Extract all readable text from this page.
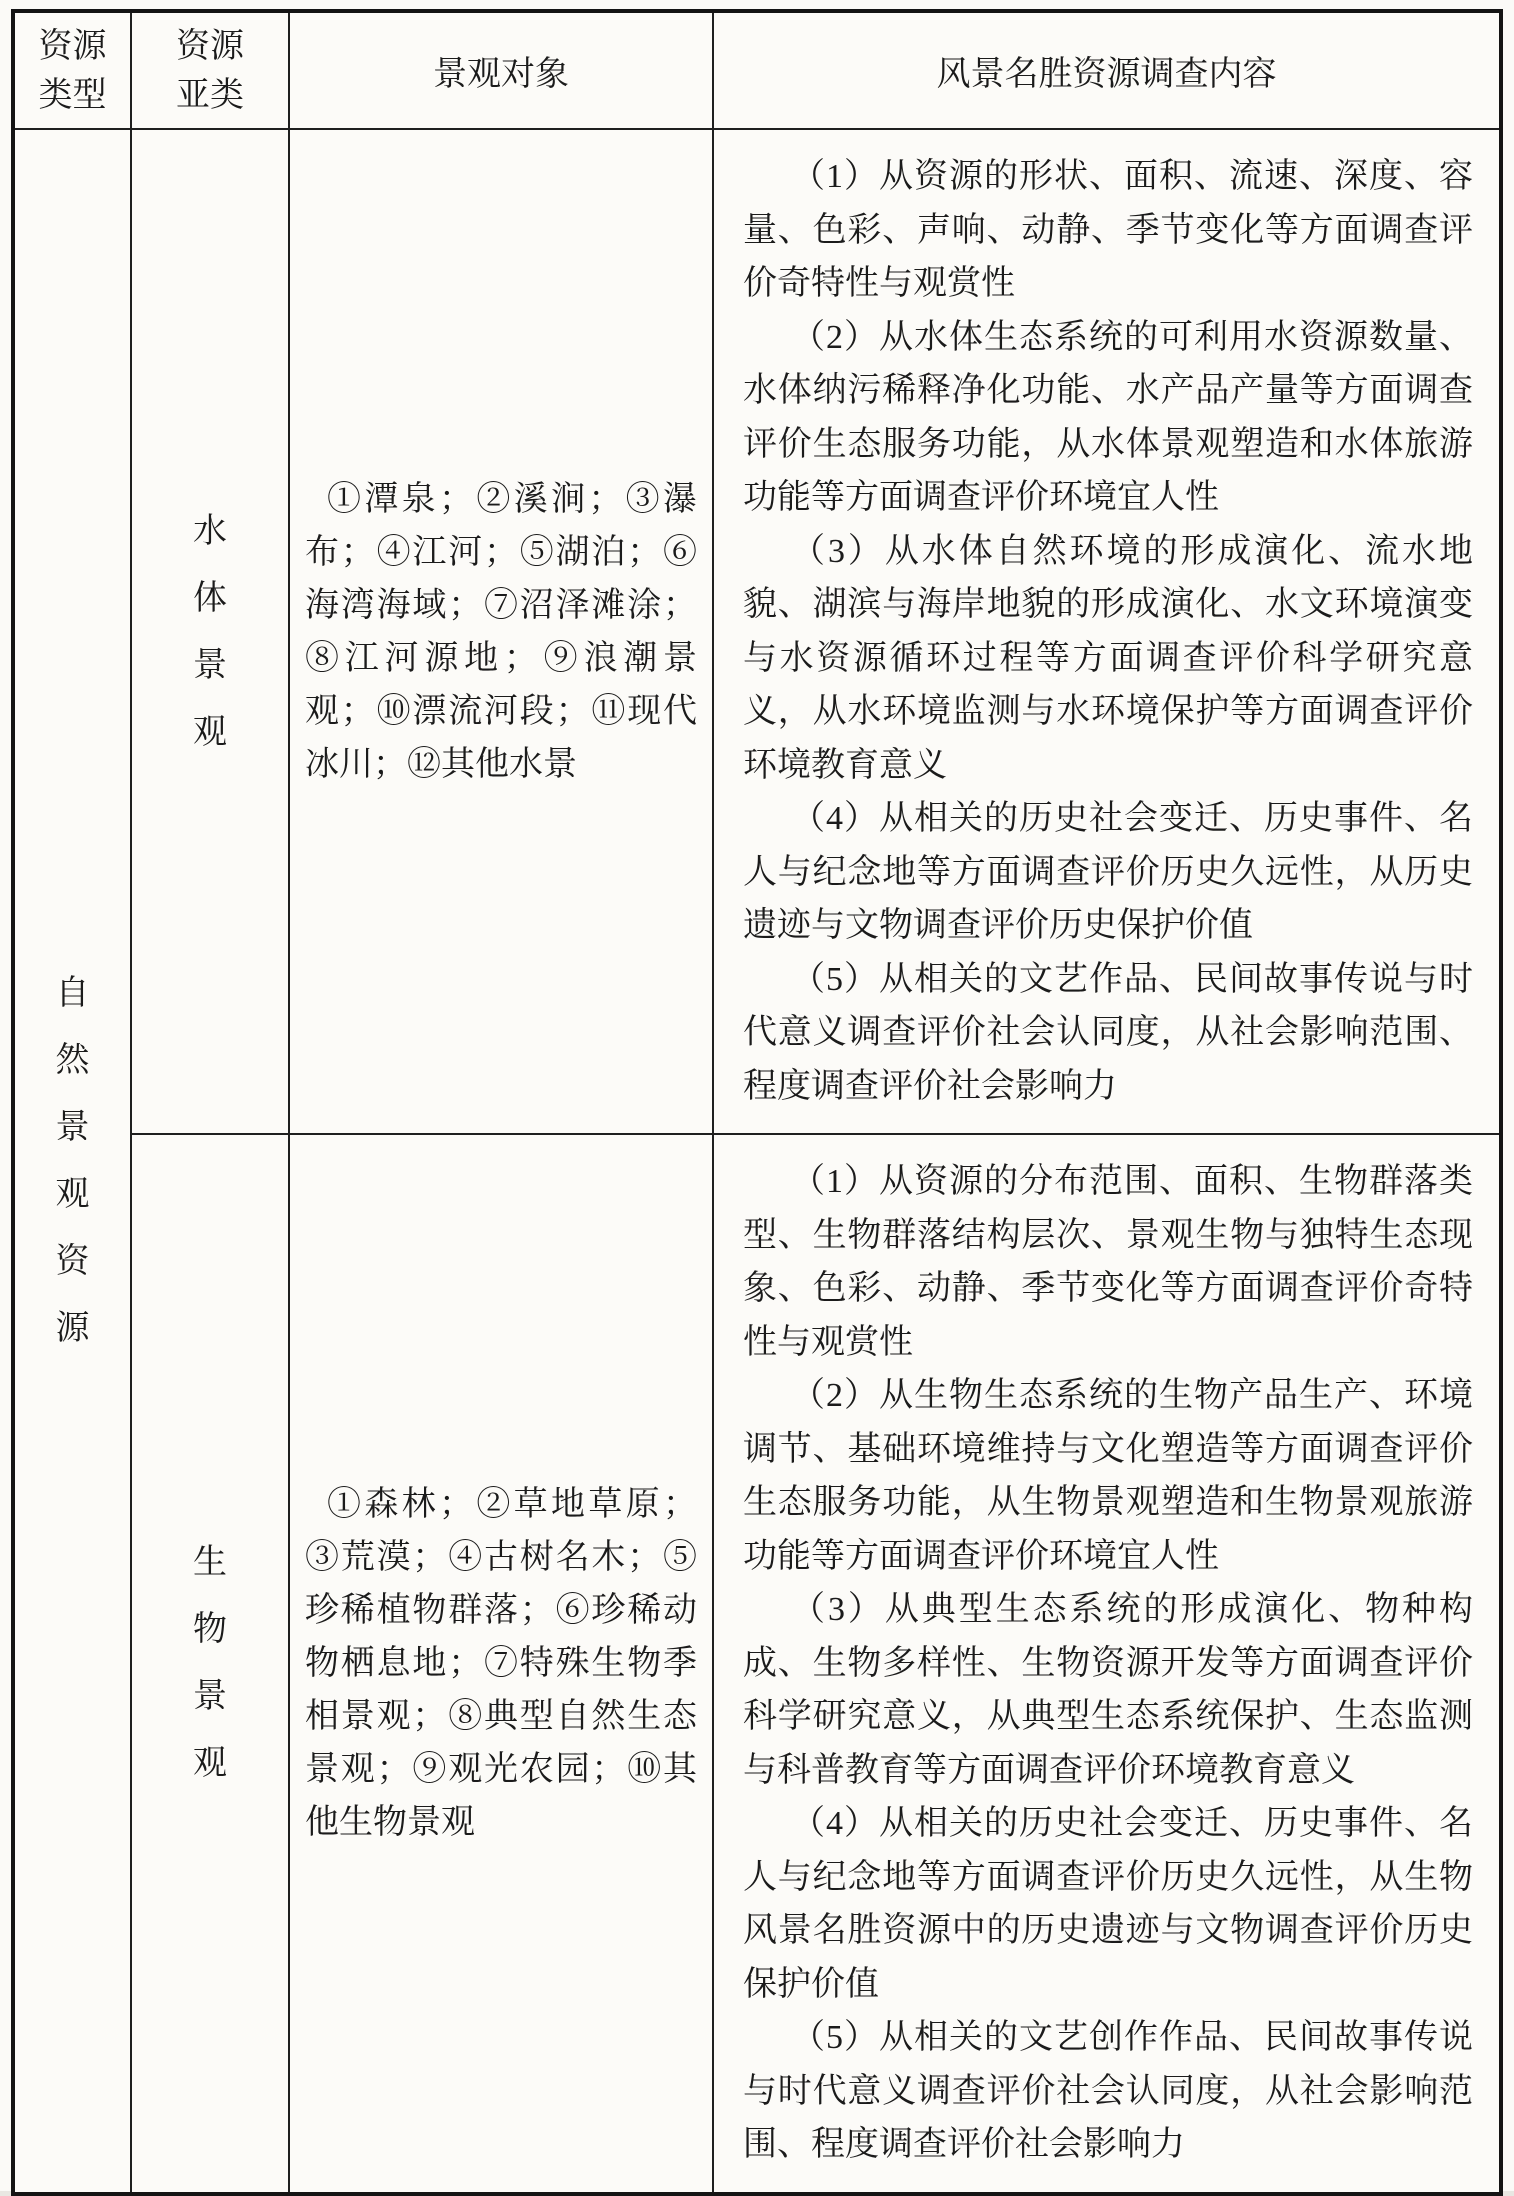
资源类型	资源亚类	景观对象	风景名胜资源调查内容

自然景观资源	水体景观	①潭泉；②溪涧；③瀑布；④江河；⑤湖泊；⑥海湾海域；⑦沼泽滩涂；⑧江河源地；⑨浪潮景观；⑩漂流河段；⑪现代冰川；⑫其他水景	（1）从资源的形状、面积、流速、深度、容量、色彩、声响、动静、季节变化等方面调查评价奇特性与观赏性

（2）从水体生态系统的可利用水资源数量、水体纳污稀释净化功能、水产品产量等方面调查评价生态服务功能，从水体景观塑造和水体旅游功能等方面调查评价环境宜人性

（3）从水体自然环境的形成演化、流水地貌、湖滨与海岸地貌的形成演化、水文环境演变与水资源循环过程等方面调查评价科学研究意义，从水环境监测与水环境保护等方面调查评价环境教育意义

（4）从相关的历史社会变迁、历史事件、名人与纪念地等方面调查评价历史久远性，从历史遗迹与文物调查评价历史保护价值

（5）从相关的文艺作品、民间故事传说与时代意义调查评价社会认同度，从社会影响范围、程度调查评价社会影响力

	生物景观	①森林；②草地草原；③荒漠；④古树名木；⑤珍稀植物群落；⑥珍稀动物栖息地；⑦特殊生物季相景观；⑧典型自然生态景观；⑨观光农园；⑩其他生物景观	（1）从资源的分布范围、面积、生物群落类型、生物群落结构层次、景观生物与独特生态现象、色彩、动静、季节变化等方面调查评价奇特性与观赏性

（2）从生物生态系统的生物产品生产、环境调节、基础环境维持与文化塑造等方面调查评价生态服务功能，从生物景观塑造和生物景观旅游功能等方面调查评价环境宜人性

（3）从典型生态系统的形成演化、物种构成、生物多样性、生物资源开发等方面调查评价科学研究意义，从典型生态系统保护、生态监测与科普教育等方面调查评价环境教育意义

（4）从相关的历史社会变迁、历史事件、名人与纪念地等方面调查评价历史久远性，从生物风景名胜资源中的历史遗迹与文物调查评价历史保护价值

（5）从相关的文艺创作作品、民间故事传说与时代意义调查评价社会认同度，从社会影响范围、程度调查评价社会影响力
